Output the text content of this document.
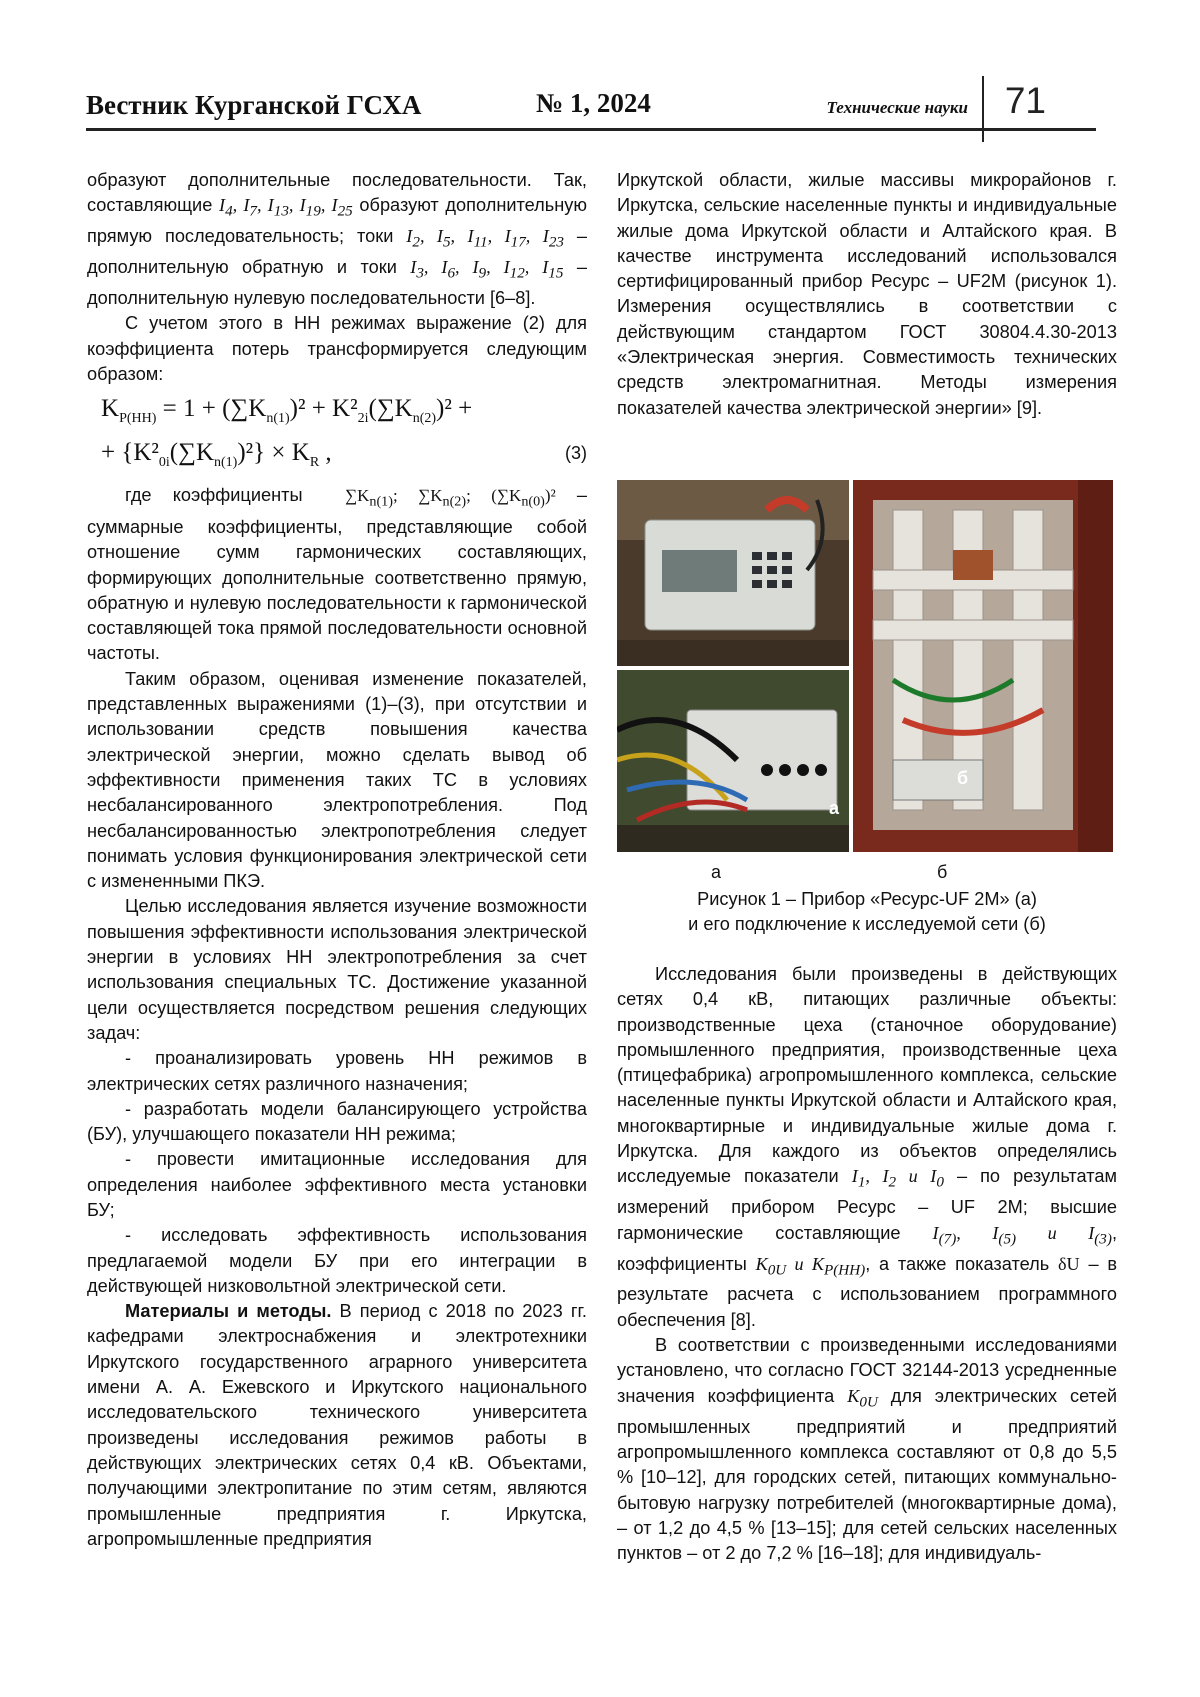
Вестник Курганской ГСХА	№ 1, 2024	Технические науки 71

образуют дополнительные последовательности. Так, составляющие $I_4$, $I_7$, $I_{13}$, $I_{19}$, $I_{25}$ образуют дополнительную прямую последовательность; токи $I_2$, $I_5$, $I_{11}$, $I_{17}$, $I_{23}$ – дополнительную обратную и токи $I_3$, $I_6$, $I_9$, $I_{12}$, $I_{15}$ – дополнительную нулевую последовательности [6–8].

С учетом этого в НН режимах выражение (2) для коэффициента потерь трансформируется следующим образом:

$K_{P(HH)} = 1 + (\sum K_{n(1)})^2 + K^2_{2i}(\sum K_{n(2)})^2$ +
+ $\{K^2_{0i}(\sum K_{n(1)})^2\} \times K_R$ ,	(3)

где коэффициенты $\sum K_{n(1)}$; $\sum K_{n(2)}$; $(\sum K_{n(0)})^2$ – суммарные коэффициенты, представляющие собой отношение сумм гармонических составляющих, формирующих дополнительные соответственно прямую, обратную и нулевую последовательности к гармонической составляющей тока прямой последовательности основной частоты.

Таким образом, оценивая изменение показателей, представленных выражениями (1)–(3), при отсутствии и использовании средств повышения качества электрической энергии, можно сделать вывод об эффективности применения таких ТС в условиях несбалансированного электропотребления. Под несбалансированностью электропотребления следует понимать условия функционирования электрической сети с измененными ПКЭ.

Целью исследования является изучение возможности повышения эффективности использования электрической энергии в условиях НН электропотребления за счет использования специальных ТС. Достижение указанной цели осуществляется посредством решения следующих задач:

- проанализировать уровень НН режимов в электрических сетях различного назначения;

- разработать модели балансирующего устройства (БУ), улучшающего показатели НН режима;

- провести имитационные исследования для определения наиболее эффективного места установки БУ;

- исследовать эффективность использования предлагаемой модели БУ при его интеграции в действующей низковольтной электрической сети.

Материалы и методы. В период с 2018 по 2023 гг. кафедрами электроснабжения и электротехники Иркутского государственного аграрного университета имени А. А. Ежевского и Иркутского национального исследовательского технического университета произведены исследования режимов работы в действующих электрических сетях 0,4 кВ. Объектами, получающими электропитание по этим сетям, являются промышленные предприятия г. Иркутска, агропромышленные предприятия

Иркутской области, жилые массивы микрорайонов г. Иркутска, сельские населенные пункты и индивидуальные жилые дома Иркутской области и Алтайского края. В качестве инструмента исследований использовался сертифицированный прибор Ресурс – UF2M (рисунок 1). Измерения осуществлялись в соответствии с действующим стандартом ГОСТ 30804.4.30-2013 «Электрическая энергия. Совместимость технических средств электромагнитная. Методы измерения показателей качества электрической энергии» [9].

а
б
а	б
Рисунок 1 – Прибор «Ресурс-UF 2M» (а)
и его подключение к исследуемой сети (б)

Исследования были произведены в действующих сетях 0,4 кВ, питающих различные объекты: производственные цеха (станочное оборудование) промышленного предприятия, производственные цеха (птицефабрика) агропромышленного комплекса, сельские населенные пункты Иркутской области и Алтайского края, многоквартирные и индивидуальные жилые дома г. Иркутска. Для каждого из объектов определялись исследуемые показатели $I_1$, $I_2$ и $I_0$ – по результатам измерений прибором Ресурс – UF 2M; высшие гармонические составляющие $I_{(7)}$, $I_{(5)}$ и $I_{(3)}$, коэффициенты $K_{0U}$ и $K_{P(HH)}$, а также показатель δU – в результате расчета с использованием программного обеспечения [8].

В соответствии с произведенными исследованиями установлено, что согласно ГОСТ 32144-2013 усредненные значения коэффициента $K_{0U}$ для электрических сетей промышленных предприятий и предприятий агропромышленного комплекса составляют от 0,8 до 5,5 % [10–12], для городских сетей, питающих коммунально-бытовую нагрузку потребителей (многоквартирные дома), – от 1,2 до 4,5 % [13–15]; для сетей сельских населенных пунктов – от 2 до 7,2 % [16–18]; для индивидуаль-
